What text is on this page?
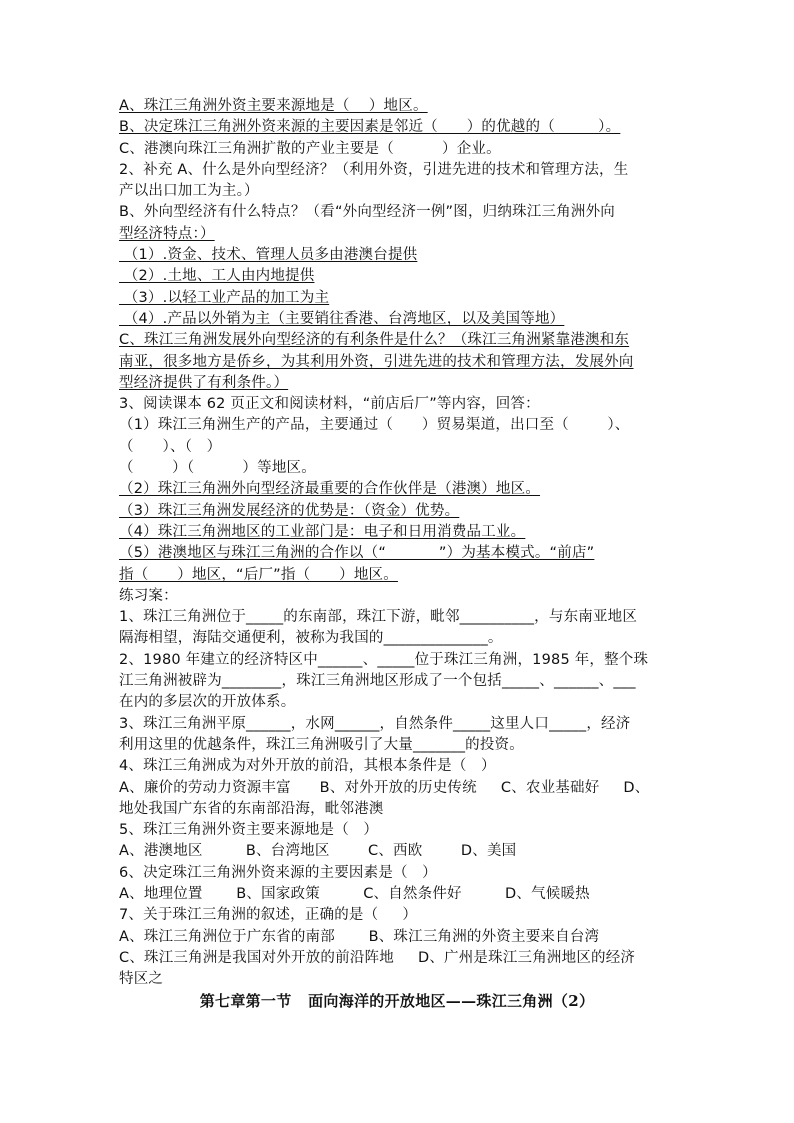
A、珠江三角洲外资主要来源地是（    ）地区。
B、决定珠江三角洲外资来源的主要因素是邻近（      ）的优越的（         ）。
C、港澳向珠江三角洲扩散的产业主要是（          ）企业。
2、补充 A、什么是外向型经济？（利用外资，引进先进的技术和管理方法，生
产以出口加工为主。）
B、外向型经济有什么特点？（看“外向型经济一例”图，归纳珠江三角洲外向
型经济特点：）
（1）.资金、技术、管理人员多由港澳台提供
（2）.土地、工人由内地提供
（3）.以轻工业产品的加工为主
（4）.产品以外销为主（主要销往香港、台湾地区，以及美国等地）
C、珠江三角洲发展外向型经济的有利条件是什么？（珠江三角洲紧靠港澳和东
南亚，很多地方是侨乡，为其利用外资，引进先进的技术和管理方法，发展外向
型经济提供了有利条件。）
3、阅读课本 62 页正文和阅读材料，“前店后厂”等内容，回答：
（1）珠江三角洲生产的产品，主要通过（      ）贸易渠道，出口至（        ）、
（      ）、（   ）
（        ）（          ）等地区。
（2）珠江三角洲外向型经济最重要的合作伙伴是（港澳）地区。
（3）珠江三角洲发展经济的优势是：（资金）优势。
（4）珠江三角洲地区的工业部门是：电子和日用消费品工业。
（5）港澳地区与珠江三角洲的合作以（“           ”）为基本模式。“前店”
指（      ）地区，“后厂”指（      ）地区。
练习案：
1、珠江三角洲位于_____的东南部，珠江下游，毗邻__________，与东南亚地区
隔海相望，海陆交通便利，被称为我国的______________。
2、1980 年建立的经济特区中______、_____位于珠江三角洲，1985 年，整个珠
江三角洲被辟为________，珠江三角洲地区形成了一个包括_____、______、___
在内的多层次的开放体系。
3、珠江三角洲平原______，水网______，自然条件_____这里人口_____，经济
利用这里的优越条件，珠江三角洲吸引了大量_______的投资。
4、珠江三角洲成为对外开放的前沿，其根本条件是（   ）
A、廉价的劳动力资源丰富      B、对外开放的历史传统     C、农业基础好     D、
地处我国广东省的东南部沿海，毗邻港澳
5、珠江三角洲外资主要来源地是（   ）
A、港澳地区         B、台湾地区        C、西欧        D、美国
6、决定珠江三角洲外资来源的主要因素是（   ）
A、地理位置       B、国家政策         C、自然条件好         D、气候暖热
7、关于珠江三角洲的叙述，正确的是（     ）
A、珠江三角洲位于广东省的南部       B、珠江三角洲的外资主要来自台湾
C、珠江三角洲是我国对外开放的前沿阵地     D、广州是珠江三角洲地区的经济
特区之
第七章第一节   面向海洋的开放地区——珠江三角洲（2）
